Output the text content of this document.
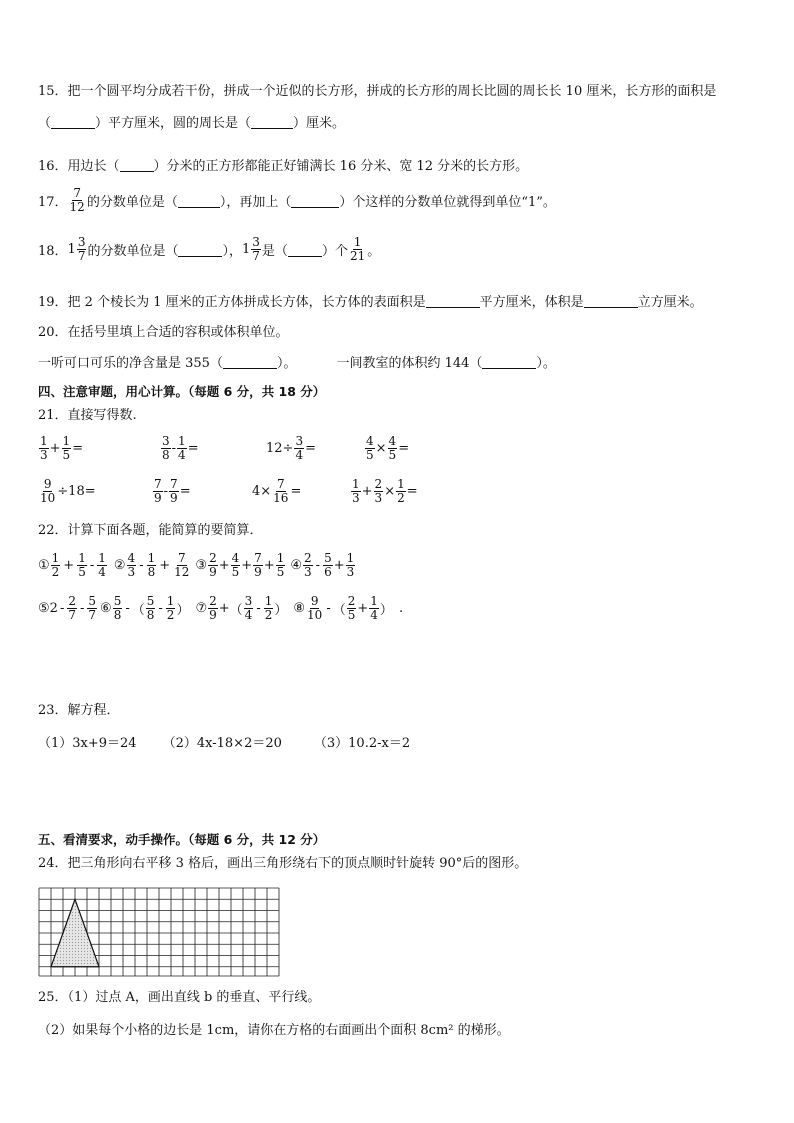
15．把一个圆平均分成若干份，拼成一个近似的长方形，拼成的长方形的周长比圆的周长长 10 厘米，长方形的面积是
（	）平方厘米，圆的周长是（	）厘米。
16．用边长（	）分米的正方形都能正好铺满长 16 分米、宽 12 分米的长方形。
17． $\frac{7}{12}$ 的分数单位是（	），再加上（	）个这样的分数单位就得到单位“1”。
18． $1 \frac{3}{7}$ 的分数单位是（	）， $1 \frac{3}{7}$ 是（	）个 $\frac{1}{21}$ 。
19．把 2 个棱长为 1 厘米的正方体拼成长方体，长方体的表面积是	平方厘米，体积是	立方厘米。
20．在括号里填上合适的容积或体积单位。
一听可口可乐的净含量是 355（	）。	一间教室的体积约 144（	）。
四、注意审题，用心计算。（每题 6 分，共 18 分）
21．直接写得数.
$\frac{1}{3} + \frac{1}{5}$ =	$\frac{3}{8} - \frac{1}{4}$ =	$12\div \frac{3}{4}$ =	$\frac{4}{5} \times \frac{4}{5}$ =
$\frac{9}{10} \div 18=$	$\frac{7}{9} - \frac{7}{9}$ =	$4\times \frac{7}{16}$ =	$\frac{1}{3} + \frac{2}{3} \times \frac{1}{2}$ =
22．计算下面各题，能简算的要简算．
① $\frac{1}{2} + \frac{1}{5} - \frac{1}{4}$ ② $\frac{4}{3} - \frac{1}{8} + \frac{7}{12}$ ③ $\frac{2}{9} + \frac{4}{5} + \frac{7}{9} + \frac{1}{5}$ ④ $\frac{2}{3} - \frac{5}{6} + \frac{1}{3}$
⑤ $2 - \frac{2}{7} - \frac{5}{7}$ ⑥ $\frac{5}{8}$ - （ $\frac{5}{8} - \frac{1}{2}$ ） ⑦ $\frac{2}{9}$ + （ $\frac{3}{4} - \frac{1}{2}$ ） ⑧ $\frac{9}{10}$ - （ $\frac{2}{5} + \frac{1}{4}$ ） .
23．解方程．
（1）3x+9＝24 （2）4x-18×2＝20 （3）10.2-x＝2
五、看清要求，动手操作。（每题 6 分，共 12 分）
24．把三角形向右平移 3 格后，画出三角形绕右下的顶点顺时针旋转 90°后的图形。
25．（1）过点 A，画出直线 b 的垂直、平行线。
（2）如果每个小格的边长是 1cm，请你在方格的右面画出个面积 8cm² 的梯形。
